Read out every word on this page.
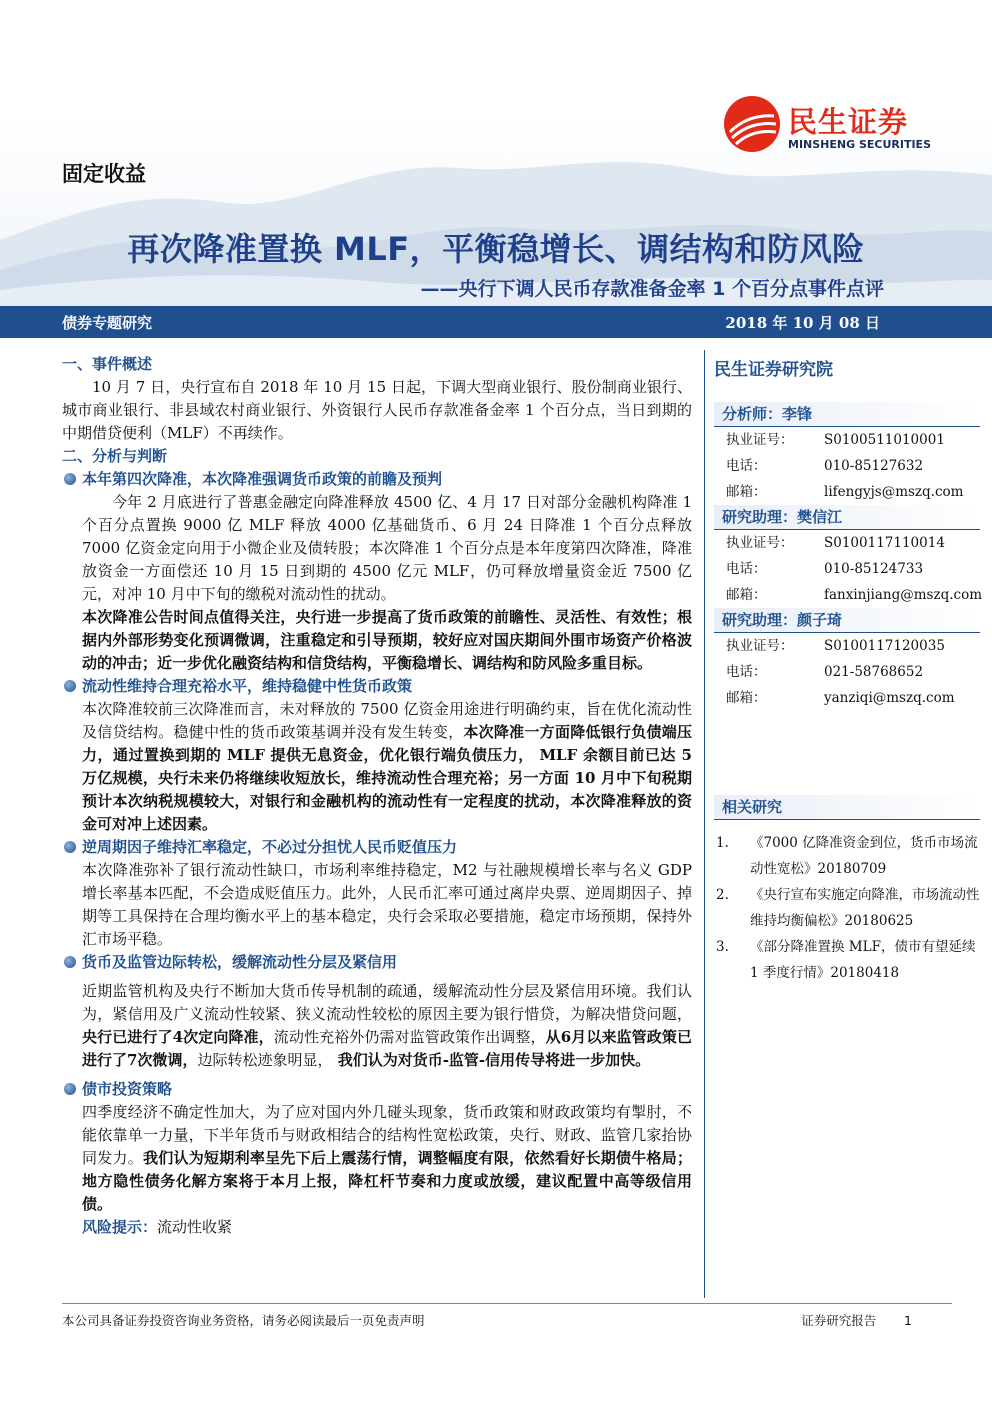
民生证券
MINSHENG SECURITIES
固定收益
再次降准置换 MLF，平衡稳增长、调结构和防风险
——央行下调人民币存款准备金率 1 个百分点事件点评
债券专题研究	2018 年 10 月 08 日

一、事件概述

10 月 7 日，央行宣布自 2018 年 10 月 15 日起，下调大型商业银行、股份制商业银行、城市商业银行、非县域农村商业银行、外资银行人民币存款准备金率 1 个百分点，当日到期的中期借贷便利（MLF）不再续作。

二、分析与判断

本年第四次降准，本次降准强调货币政策的前瞻及预判

今年 2 月底进行了普惠金融定向降准释放 4500 亿、4 月 17 日对部分金融机构降准 1 个百分点置换 9000 亿 MLF 释放 4000 亿基础货币、6 月 24 日降准 1 个百分点释放 7000 亿资金定向用于小微企业及债转股；本次降准 1 个百分点是本年度第四次降准，降准放资金一方面偿还 10 月 15 日到期的 4500 亿元 MLF，仍可释放增量资金近 7500 亿元，对冲 10 月中下旬的缴税对流动性的扰动。

本次降准公告时间点值得关注，央行进一步提高了货币政策的前瞻性、灵活性、有效性；根据内外部形势变化预调微调，注重稳定和引导预期，较好应对国庆期间外围市场资产价格波动的冲击；近一步优化融资结构和信贷结构，平衡稳增长、调结构和防风险多重目标。

流动性维持合理充裕水平，维持稳健中性货币政策

本次降准较前三次降准而言，未对释放的 7500 亿资金用途进行明确约束，旨在优化流动性及信贷结构。稳健中性的货币政策基调并没有发生转变，本次降准一方面降低银行负债端压力，通过置换到期的 MLF 提供无息资金，优化银行端负债压力， MLF 余额目前已达 5 万亿规模，央行未来仍将继续收短放长，维持流动性合理充裕；另一方面 10 月中下旬税期预计本次纳税规模较大，对银行和金融机构的流动性有一定程度的扰动，本次降准释放的资金可对冲上述因素。

逆周期因子维持汇率稳定，不必过分担忧人民币贬值压力

本次降准弥补了银行流动性缺口，市场利率维持稳定，M2 与社融规模增长率与名义 GDP 增长率基本匹配，不会造成贬值压力。此外，人民币汇率可通过离岸央票、逆周期因子、掉期等工具保持在合理均衡水平上的基本稳定，央行会采取必要措施，稳定市场预期，保持外汇市场平稳。

货币及监管边际转松，缓解流动性分层及紧信用

近期监管机构及央行不断加大货币传导机制的疏通，缓解流动性分层及紧信用环境。我们认为，紧信用及广义流动性较紧、狭义流动性较松的原因主要为银行惜贷，为解决惜贷问题，央行已进行了4次定向降准，流动性充裕外仍需对监管政策作出调整，从6月以来监管政策已进行了7次微调，边际转松迹象明显， 我们认为对货币-监管-信用传导将进一步加快。

债市投资策略

四季度经济不确定性加大，为了应对国内外几碰头现象，货币政策和财政政策均有掣肘，不能依靠单一力量，下半年货币与财政相结合的结构性宽松政策，央行、财政、监管几家抬协同发力。我们认为短期利率呈先下后上震荡行情，调整幅度有限，依然看好长期债牛格局；地方隐性债务化解方案将于本月上报，降杠杆节奏和力度或放缓，建议配置中高等级信用债。

风险提示：流动性收紧

民生证券研究院
分析师：李锋
执业证号： S0100511010001
电话：	010-85127632
邮箱：	lifengyjs@mszq.com
研究助理：樊信江
执业证号： S0100117110014
电话：	010-85124733
邮箱：	fanxinjiang@mszq.com
研究助理：颜子琦
执业证号： S0100117120035
电话：	021-58768652
邮箱：	yanziqi@mszq.com
相关研究
1. 《7000 亿降准资金到位，货币市场流动性宽松》20180709
2. 《央行宣布实施定向降准，市场流动性维持均衡偏松》20180625
3. 《部分降准置换 MLF，债市有望延续 1 季度行情》20180418
本公司具备证券投资咨询业务资格，请务必阅读最后一页免责声明	证券研究报告 1
